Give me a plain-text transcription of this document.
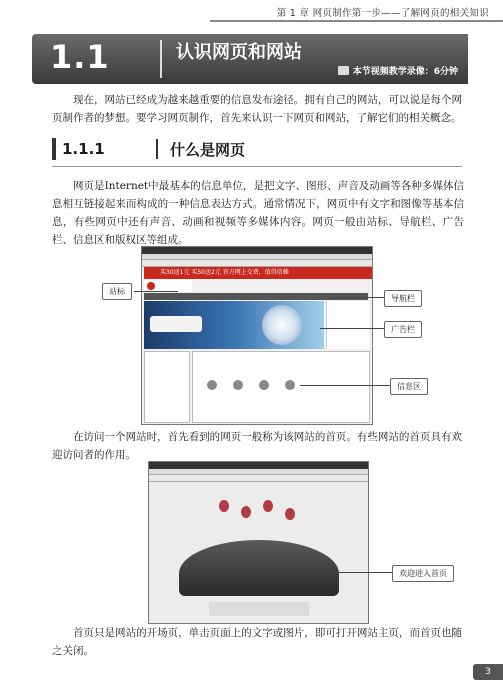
第 1 章 网页制作第一步——了解网页的相关知识
1.1	认识网页和网站
本节视频教学录像：6分钟
现在，网站已经成为越来越重要的信息发布途径。拥有自己的网站，可以说是每个网页制作者的梦想。要学习网页制作，首先来认识一下网页和网站，了解它们的相关概念。
1.1.1	什么是网页
网页是Internet中最基本的信息单位，是把文字、图形、声音及动画等各种多媒体信息相互链接起来而构成的一种信息表达方式。通常情况下，网页中有文字和图像等基本信息，有些网页中还有声音、动画和视频等多媒体内容。网页一般由站标、导航栏、广告栏、信息区和版权区等组成。
买30送1元 买50送2元 官方网上交费，值得信赖
站标
导航栏
广告栏
信息区
在访问一个网站时，首先看到的网页一般称为该网站的首页。有些网站的首页具有欢迎访问者的作用。
欢迎进入首页
首页只是网站的开场页，单击页面上的文字或图片，即可打开网站主页，而首页也随之关闭。
3
